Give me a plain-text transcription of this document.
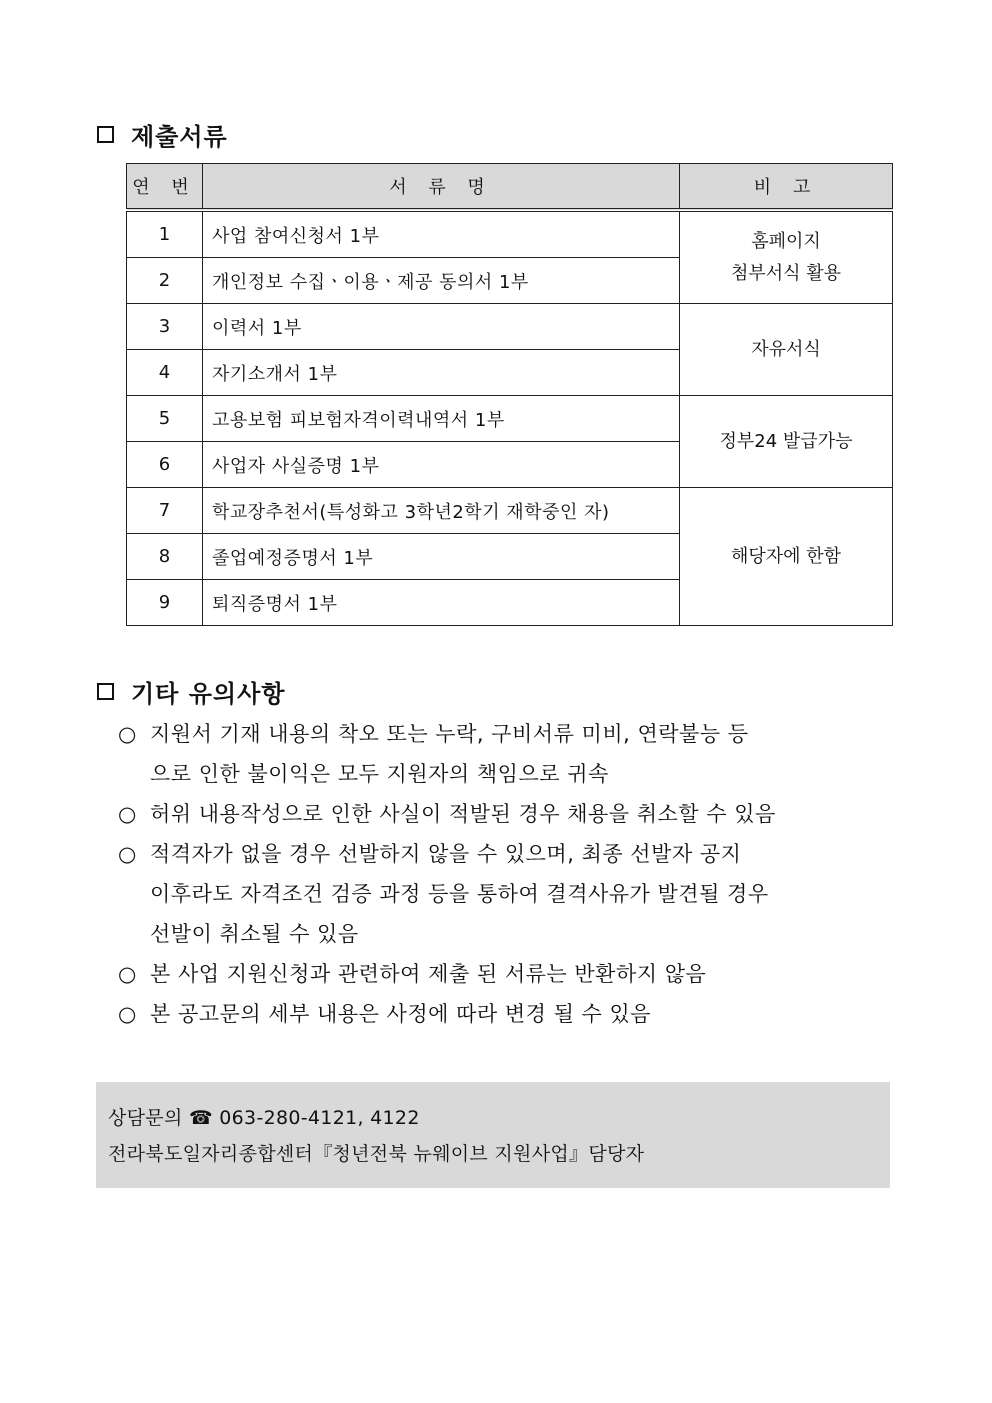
제출서류
연 번	서 류 명	비 고
1	사업 참여신청서 1부	홈페이지
첨부서식 활용

2	개인정보 수집ㆍ이용ㆍ제공 동의서 1부	
3	이력서 1부	자유서식
4	자기소개서 1부	
5	고용보험 피보험자격이력내역서 1부	정부24 발급가능
6	사업자 사실증명 1부	
7	학교장추천서(특성화고 3학년2학기 재학중인 자)	해당자에 한함
8	졸업예정증명서 1부	
9	퇴직증명서 1부	
기타 유의사항
○ 지원서 기재 내용의 착오 또는 누락, 구비서류 미비, 연락불능 등
으로 인한 불이익은 모두 지원자의 책임으로 귀속
○ 허위 내용작성으로 인한 사실이 적발된 경우 채용을 취소할 수 있음
○ 적격자가 없을 경우 선발하지 않을 수 있으며, 최종 선발자 공지
이후라도 자격조건 검증 과정 등을 통하여 결격사유가 발견될 경우
선발이 취소될 수 있음
○ 본 사업 지원신청과 관련하여 제출 된 서류는 반환하지 않음
○ 본 공고문의 세부 내용은 사정에 따라 변경 될 수 있음
상담문의 ☎ 063-280-4121, 4122
전라북도일자리종합센터『청년전북 뉴웨이브 지원사업』담당자
